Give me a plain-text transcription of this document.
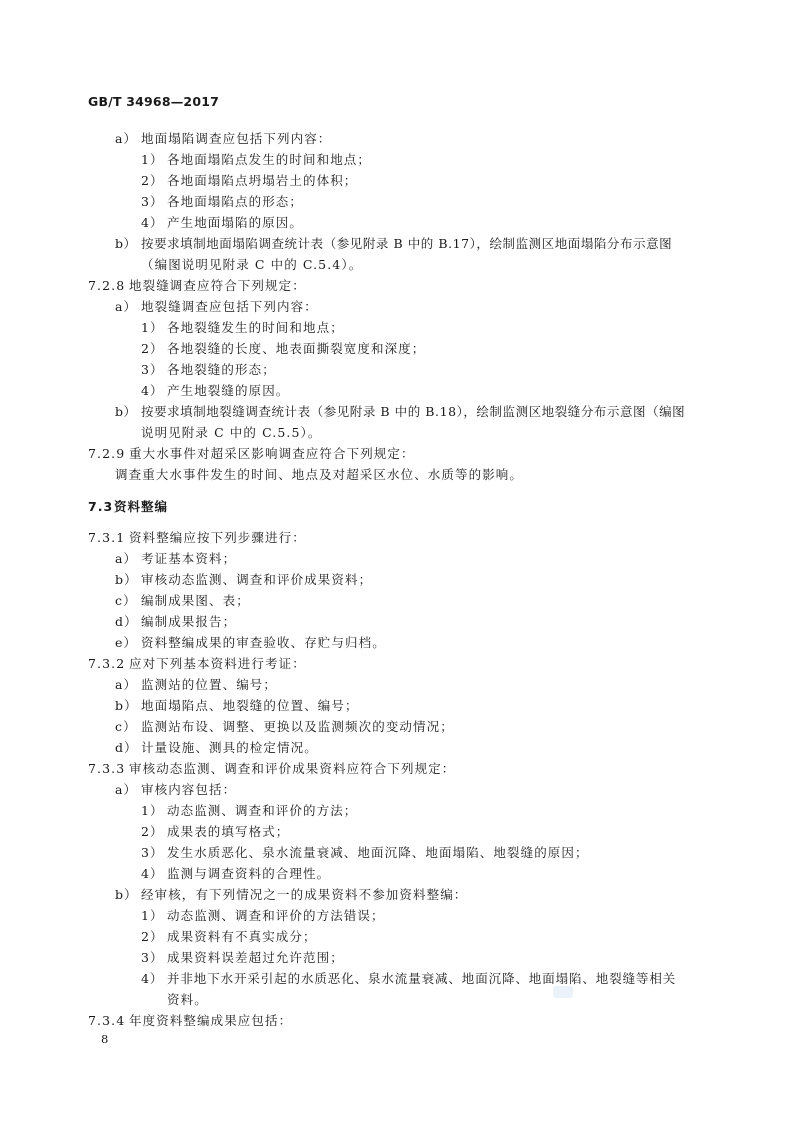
GB/T 34968—2017
a） 地面塌陷调查应包括下列内容：
1） 各地面塌陷点发生的时间和地点；
2） 各地面塌陷点坍塌岩土的体积；
3） 各地面塌陷点的形态；
4） 产生地面塌陷的原因。
b） 按要求填制地面塌陷调查统计表（参见附录 B 中的 B.17），绘制监测区地面塌陷分布示意图
（编图说明见附录 C 中的 C.5.4）。
7.2.8 地裂缝调查应符合下列规定：
a） 地裂缝调查应包括下列内容：
1） 各地裂缝发生的时间和地点；
2） 各地裂缝的长度、地表面撕裂宽度和深度；
3） 各地裂缝的形态；
4） 产生地裂缝的原因。
b） 按要求填制地裂缝调查统计表（参见附录 B 中的 B.18），绘制监测区地裂缝分布示意图（编图
说明见附录 C 中的 C.5.5）。
7.2.9 重大水事件对超采区影响调查应符合下列规定：
调查重大水事件发生的时间、地点及对超采区水位、水质等的影响。
7.3资料整编
7.3.1 资料整编应按下列步骤进行：
a） 考证基本资料；
b） 审核动态监测、调查和评价成果资料；
c） 编制成果图、表；
d） 编制成果报告；
e） 资料整编成果的审查验收、存贮与归档。
7.3.2 应对下列基本资料进行考证：
a） 监测站的位置、编号；
b） 地面塌陷点、地裂缝的位置、编号；
c） 监测站布设、调整、更换以及监测频次的变动情况；
d） 计量设施、测具的检定情况。
7.3.3 审核动态监测、调查和评价成果资料应符合下列规定：
a） 审核内容包括：
1） 动态监测、调查和评价的方法；
2） 成果表的填写格式；
3） 发生水质恶化、泉水流量衰减、地面沉降、地面塌陷、地裂缝的原因；
4） 监测与调查资料的合理性。
b） 经审核，有下列情况之一的成果资料不参加资料整编：
1） 动态监测、调查和评价的方法错误；
2） 成果资料有不真实成分；
3） 成果资料误差超过允许范围；
4） 并非地下水开采引起的水质恶化、泉水流量衰减、地面沉降、地面塌陷、地裂缝等相关
资料。
7.3.4 年度资料整编成果应包括：
8
